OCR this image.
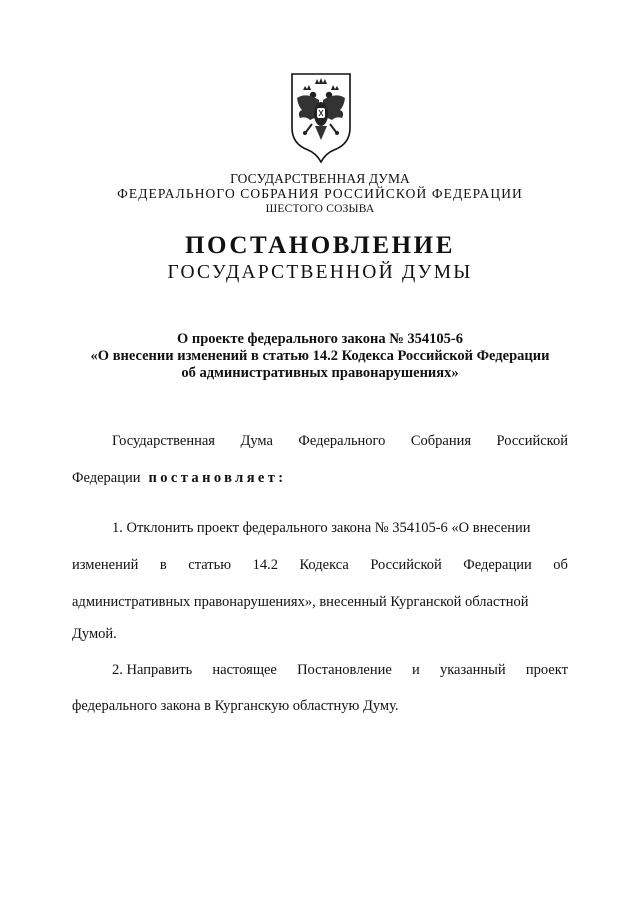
ГОСУДАРСТВЕННАЯ ДУМА
ФЕДЕРАЛЬНОГО СОБРАНИЯ РОССИЙСКОЙ ФЕДЕРАЦИИ
ШЕСТОГО СОЗЫВА
ПОСТАНОВЛЕНИЕ
ГОСУДАРСТВЕННОЙ ДУМЫ
О проекте федерального закона № 354105-6
«О внесении изменений в статью 14.2 Кодекса Российской Федерации
об административных правонарушениях»
Государственная Дума Федерального Собрания Российской
Федерации постановляет:
1. Отклонить проект федерального закона № 354105-6 «О внесении
изменений в статью 14.2 Кодекса Российской Федерации об
административных правонарушениях», внесенный Курганской областной
Думой.
2. Направить настоящее Постановление и указанный проект
федерального закона в Курганскую областную Думу.
